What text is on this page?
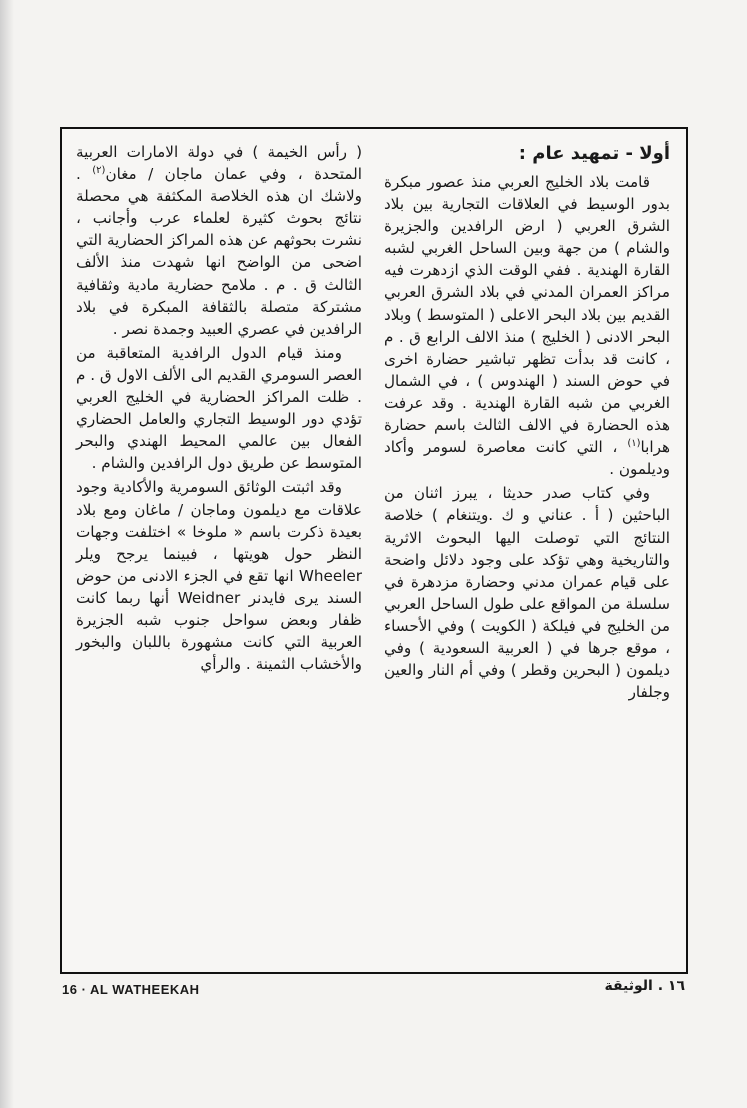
أولا - تمهيد عام :

قامت بلاد الخليج العربي منذ عصور مبكرة بدور الوسيط في العلاقات التجارية بين بلاد الشرق العربي ( ارض الرافدين والجزيرة والشام ) من جهة وبين الساحل الغربي لشبه القارة الهندية . ففي الوقت الذي ازدهرت فيه مراكز العمران المدني في بلاد الشرق العربي القديم بين بلاد البحر الاعلى ( المتوسط ) وبلاد البحر الادنى ( الخليج ) منذ الالف الرابع ق . م ، كانت قد بدأت تظهر تباشير حضارة اخرى في حوض السند ( الهندوس ) ، في الشمال الغربي من شبه القارة الهندية . وقد عرفت هذه الحضارة في الالف الثالث باسم حضارة هرابا$^{(١)}$ ، التي كانت معاصرة لسومر وأكاد وديلمون .

وفي كتاب صدر حديثا ، يبرز اثنان من الباحثين ( أ . عناني و ك .ويتنغام ) خلاصة النتائج التي توصلت اليها البحوث الاثرية والتاريخية وهي تؤكد على وجود دلائل واضحة على قيام عمران مدني وحضارة مزدهرة في سلسلة من المواقع على طول الساحل العربي من الخليج في فيلكة ( الكويت ) وفي الأحساء ، موقع جرها في ( العربية السعودية ) وفي ديلمون ( البحرين وقطر ) وفي أم النار والعين وجلفار

( رأس الخيمة ) في دولة الامارات العربية المتحدة ، وفي عمان ماجان / مغان$^{(٢)}$ . ولاشك ان هذه الخلاصة المكثفة هي محصلة نتائج بحوث كثيرة لعلماء عرب وأجانب ، نشرت بحوثهم عن هذه المراكز الحضارية التي اضحى من الواضح انها شهدت منذ الألف الثالث ق . م . ملامح حضارية مادية وثقافية مشتركة متصلة بالثقافة المبكرة في بلاد الرافدين في عصري العبيد وجمدة نصر .

ومنذ قيام الدول الرافدية المتعاقبة من العصر السومري القديم الى الألف الاول ق . م . ظلت المراكز الحضارية في الخليج العربي تؤدي دور الوسيط التجاري والعامل الحضاري الفعال بين عالمي المحيط الهندي والبحر المتوسط عن طريق دول الرافدين والشام .

وقد اثبتت الوثائق السومرية والأكادية وجود علاقات مع ديلمون وماجان / ماغان ومع بلاد بعيدة ذكرت باسم « ملوخا » اختلفت وجهات النظر حول هويتها ، فبينما يرجح ويلر Wheeler انها تقع في الجزء الادنى من حوض السند يرى فايدنر Weidner أنها ربما كانت ظفار وبعض سواحل جنوب شبه الجزيرة العربية التي كانت مشهورة باللبان والبخور والأخشاب الثمينة . والرأي

16 · AL WATHEEKAH	١٦ . الوثيقة
